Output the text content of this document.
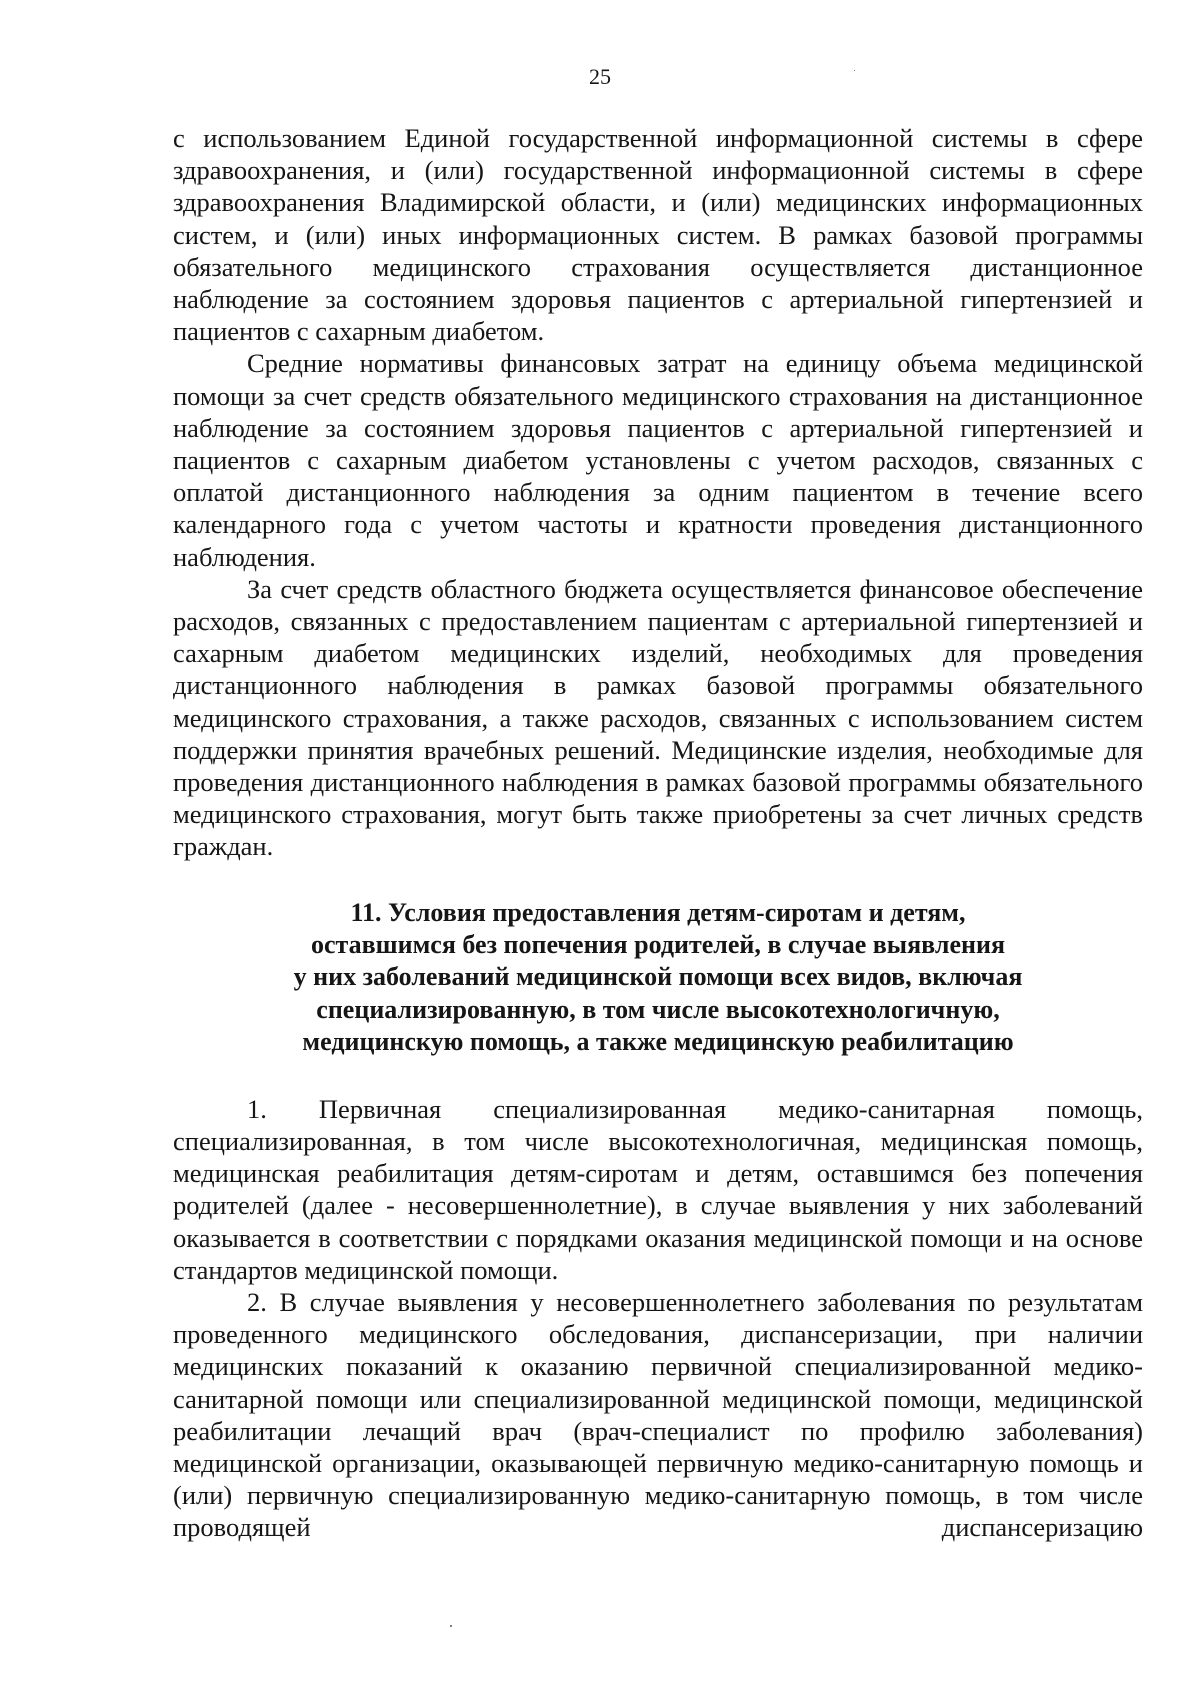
25

с использованием Единой государственной информационной системы в сфере здравоохранения, и (или) государственной информационной системы в сфере здравоохранения Владимирской области, и (или) медицинских информационных систем, и (или) иных информационных систем. В рамках базовой программы обязательного медицинского страхования осуществляется дистанционное наблюдение за состоянием здоровья пациентов с артериальной гипертензией и пациентов с сахарным диабетом.

Средние нормативы финансовых затрат на единицу объема медицинской помощи за счет средств обязательного медицинского страхования на дистанционное наблюдение за состоянием здоровья пациентов с артериальной гипертензией и пациентов с сахарным диабетом установлены с учетом расходов, связанных с оплатой дистанционного наблюдения за одним пациентом в течение всего календарного года с учетом частоты и кратности проведения дистанционного наблюдения.

За счет средств областного бюджета осуществляется финансовое обеспечение расходов, связанных с предоставлением пациентам с артериальной гипертензией и сахарным диабетом медицинских изделий, необходимых для проведения дистанционного наблюдения в рамках базовой программы обязательного медицинского страхования, а также расходов, связанных с использованием систем поддержки принятия врачебных решений. Медицинские изделия, необходимые для проведения дистанционного наблюдения в рамках базовой программы обязательного медицинского страхования, могут быть также приобретены за счет личных средств граждан.

11. Условия предоставления детям-сиротам и детям,
оставшимся без попечения родителей, в случае выявления
у них заболеваний медицинской помощи всех видов, включая
специализированную, в том числе высокотехнологичную,
медицинскую помощь, а также медицинскую реабилитацию

1. Первичная специализированная медико-санитарная помощь, специализированная, в том числе высокотехнологичная, медицинская помощь, медицинская реабилитация детям-сиротам и детям, оставшимся без попечения родителей (далее - несовершеннолетние), в случае выявления у них заболеваний оказывается в соответствии с порядками оказания медицинской помощи и на основе стандартов медицинской помощи.

2. В случае выявления у несовершеннолетнего заболевания по результатам проведенного медицинского обследования, диспансеризации, при наличии медицинских показаний к оказанию первичной специализированной медико-санитарной помощи или специализированной медицинской помощи, медицинской реабилитации лечащий врач (врач-специалист по профилю заболевания) медицинской организации, оказывающей первичную медико-санитарную помощь и (или) первичную специализированную медико-санитарную помощь, в том числе проводящей диспансеризацию
